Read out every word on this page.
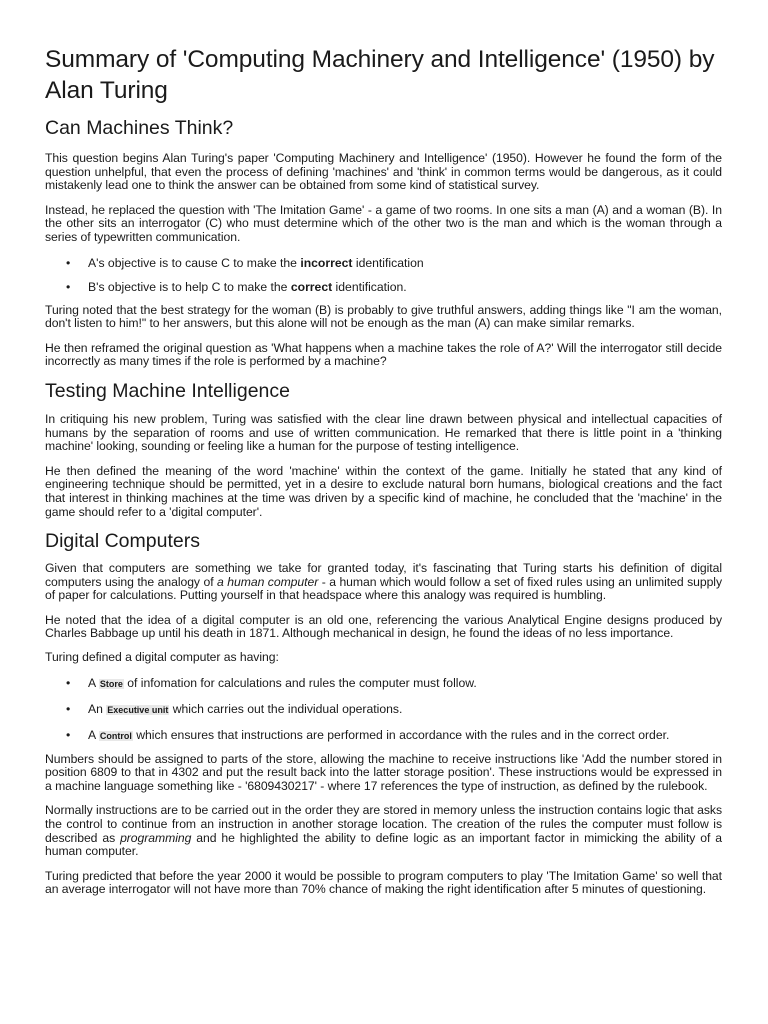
Summary of 'Computing Machinery and Intelligence' (1950) by Alan Turing
Can Machines Think?

This question begins Alan Turing's paper 'Computing Machinery and Intelligence' (1950). However he found the form of the question unhelpful, that even the process of defining 'machines' and 'think' in common terms would be dangerous, as it could mistakenly lead one to think the answer can be obtained from some kind of statistical survey.

Instead, he replaced the question with 'The Imitation Game' - a game of two rooms. In one sits a man (A) and a woman (B). In the other sits an interrogator (C) who must determine which of the other two is the man and which is the woman through a series of typewritten communication.

• A's objective is to cause C to make the incorrect identification
• B's objective is to help C to make the correct identification.

Turing noted that the best strategy for the woman (B) is probably to give truthful answers, adding things like "I am the woman, don't listen to him!" to her answers, but this alone will not be enough as the man (A) can make similar remarks.

He then reframed the original question as 'What happens when a machine takes the role of A?' Will the interrogator still decide incorrectly as many times if the role is performed by a machine?

Testing Machine Intelligence

In critiquing his new problem, Turing was satisfied with the clear line drawn between physical and intellectual capacities of humans by the separation of rooms and use of written communication. He remarked that there is little point in a 'thinking machine' looking, sounding or feeling like a human for the purpose of testing intelligence.

He then defined the meaning of the word 'machine' within the context of the game. Initially he stated that any kind of engineering technique should be permitted, yet in a desire to exclude natural born humans, biological creations and the fact that interest in thinking machines at the time was driven by a specific kind of machine, he concluded that the 'machine' in the game should refer to a 'digital computer'.

Digital Computers

Given that computers are something we take for granted today, it's fascinating that Turing starts his definition of digital computers using the analogy of a human computer - a human which would follow a set of fixed rules using an unlimited supply of paper for calculations. Putting yourself in that headspace where this analogy was required is humbling.

He noted that the idea of a digital computer is an old one, referencing the various Analytical Engine designs produced by Charles Babbage up until his death in 1871. Although mechanical in design, he found the ideas of no less importance.

Turing defined a digital computer as having:

• A Store of infomation for calculations and rules the computer must follow.
• An Executive unit which carries out the individual operations.
• A Control which ensures that instructions are performed in accordance with the rules and in the correct order.

Numbers should be assigned to parts of the store, allowing the machine to receive instructions like 'Add the number stored in position 6809 to that in 4302 and put the result back into the latter storage position'. These instructions would be expressed in a machine language something like - '6809430217' - where 17 references the type of instruction, as defined by the rulebook.

Normally instructions are to be carried out in the order they are stored in memory unless the instruction contains logic that asks the control to continue from an instruction in another storage location. The creation of the rules the computer must follow is described as programming and he highlighted the ability to define logic as an important factor in mimicking the ability of a human computer.

Turing predicted that before the year 2000 it would be possible to program computers to play 'The Imitation Game' so well that an average interrogator will not have more than 70% chance of making the right identification after 5 minutes of questioning.
